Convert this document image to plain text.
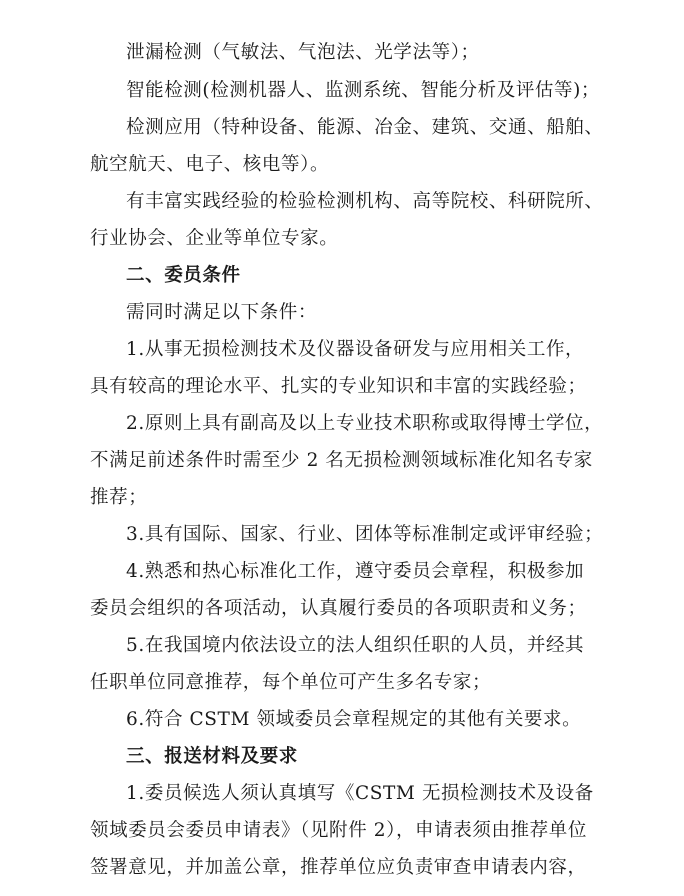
泄漏检测（气敏法、气泡法、光学法等）；
智能检测(检测机器人、监测系统、智能分析及评估等)；
检测应用（特种设备、能源、冶金、建筑、交通、船舶、
航空航天、电子、核电等）。
有丰富实践经验的检验检测机构、高等院校、科研院所、
行业协会、企业等单位专家。
二、委员条件
需同时满足以下条件：
1.从事无损检测技术及仪器设备研发与应用相关工作，
具有较高的理论水平、扎实的专业知识和丰富的实践经验；
2.原则上具有副高及以上专业技术职称或取得博士学位，
不满足前述条件时需至少 2 名无损检测领域标准化知名专家
推荐；
3.具有国际、国家、行业、团体等标准制定或评审经验；
4.熟悉和热心标准化工作，遵守委员会章程，积极参加
委员会组织的各项活动，认真履行委员的各项职责和义务；
5.在我国境内依法设立的法人组织任职的人员，并经其
任职单位同意推荐，每个单位可产生多名专家；
6.符合 CSTM 领域委员会章程规定的其他有关要求。
三、报送材料及要求
1.委员候选人须认真填写《CSTM 无损检测技术及设备
领域委员会委员申请表》（见附件 2），申请表须由推荐单位
签署意见，并加盖公章，推荐单位应负责审查申请表内容，
